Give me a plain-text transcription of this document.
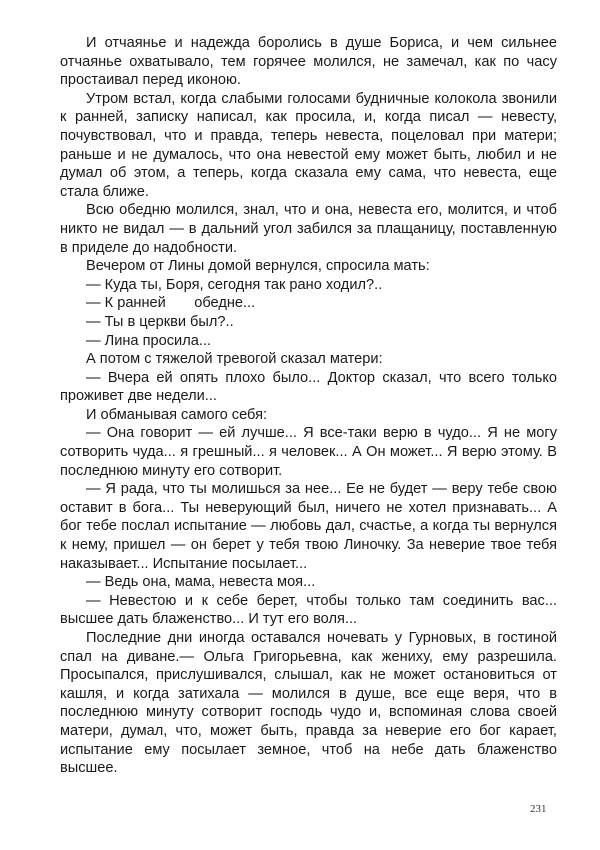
И отчаянье и надежда боролись в душе Бориса, и чем сильнее отчаянье охватывало, тем горячее молился, не замечал, как по часу простаивал перед иконою.

Утром встал, когда слабыми голосами будничные колокола звонили к ранней, записку написал, как просила, и, когда писал — невесту, почувствовал, что и правда, теперь невеста, поцеловал при матери; раньше и не думалось, что она невестой ему может быть, любил и не думал об этом, а теперь, когда сказала ему сама, что невеста, еще стала ближе.

Всю обедню молился, знал, что и она, невеста его, молится, и чтоб никто не видал — в дальний угол забился за плащаницу, поставленную в приделе до надобности.

Вечером от Лины домой вернулся, спросила мать:

— Куда ты, Боря, сегодня так рано ходил?..

— К ранней       обедне...

— Ты в церкви был?..

— Лина просила...

А потом с тяжелой тревогой сказал матери:

— Вчера ей опять плохо было... Доктор сказал, что всего только проживет две недели...

И обманывая самого себя:

— Она говорит — ей лучше... Я все-таки верю в чудо... Я не могу сотворить чуда... я грешный... я человек... А Он может... Я верю этому. В последнюю минуту его сотворит.

— Я рада, что ты молишься за нее... Ее не будет — веру тебе свою оставит в бога... Ты неверующий был, ничего не хотел признавать... А бог тебе послал испытание — любовь дал, счастье, а когда ты вернулся к нему, пришел — он берет у тебя твою Линочку. За неверие твое тебя наказывает... Испытание посылает...

— Ведь она, мама, невеста моя...

— Невестою и к себе берет, чтобы только там соединить вас... высшее дать блаженство... И тут его воля...

Последние дни иногда оставался ночевать у Гурновых, в гостиной спал на диване.— Ольга Григорьевна, как жениху, ему разрешила. Просыпался, прислушивался, слышал, как не может остановиться от кашля, и когда затихала — молился в душе, все еще веря, что в последнюю минуту сотворит господь чудо и, вспоминая слова своей матери, думал, что, может быть, правда за неверие его бог карает, испытание ему посылает земное, чтоб на небе дать блаженство высшее.

231
